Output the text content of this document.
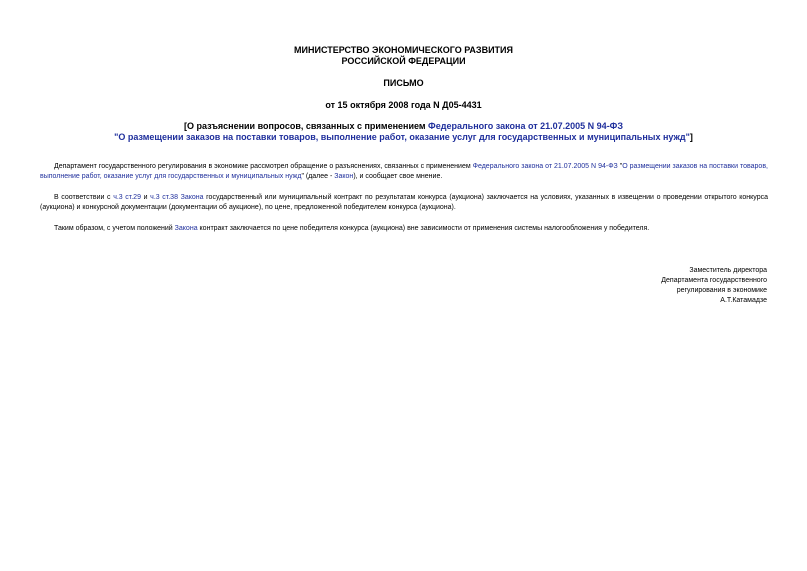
МИНИСТЕРСТВО ЭКОНОМИЧЕСКОГО РАЗВИТИЯ
РОССИЙСКОЙ ФЕДЕРАЦИИ
ПИСЬМО
от 15 октября 2008 года N Д05-4431
[О разъяснении вопросов, связанных с применением Федерального закона от 21.07.2005 N 94-ФЗ
"О размещении заказов на поставки товаров, выполнение работ, оказание услуг для государственных и муниципальных нужд"]

Департамент государственного регулирования в экономике рассмотрел обращение о разъяснениях, связанных с применением Федерального закона от 21.07.2005 N 94-ФЗ "О размещении заказов на поставки товаров, выполнение работ, оказание услуг для государственных и муниципальных нужд" (далее - Закон), и сообщает свое мнение.

В соответствии с ч.3 ст.29 и ч.3 ст.38 Закона государственный или муниципальный контракт по результатам конкурса (аукциона) заключается на условиях, указанных в извещении о проведении открытого конкурса (аукциона) и конкурсной документации (документации об аукционе), по цене, предложенной победителем конкурса (аукциона).

Таким образом, с учетом положений Закона контракт заключается по цене победителя конкурса (аукциона) вне зависимости от применения системы налогообложения у победителя.

Заместитель директора
Департамента государственного
регулирования в экономике
А.Т.Катамадзе
